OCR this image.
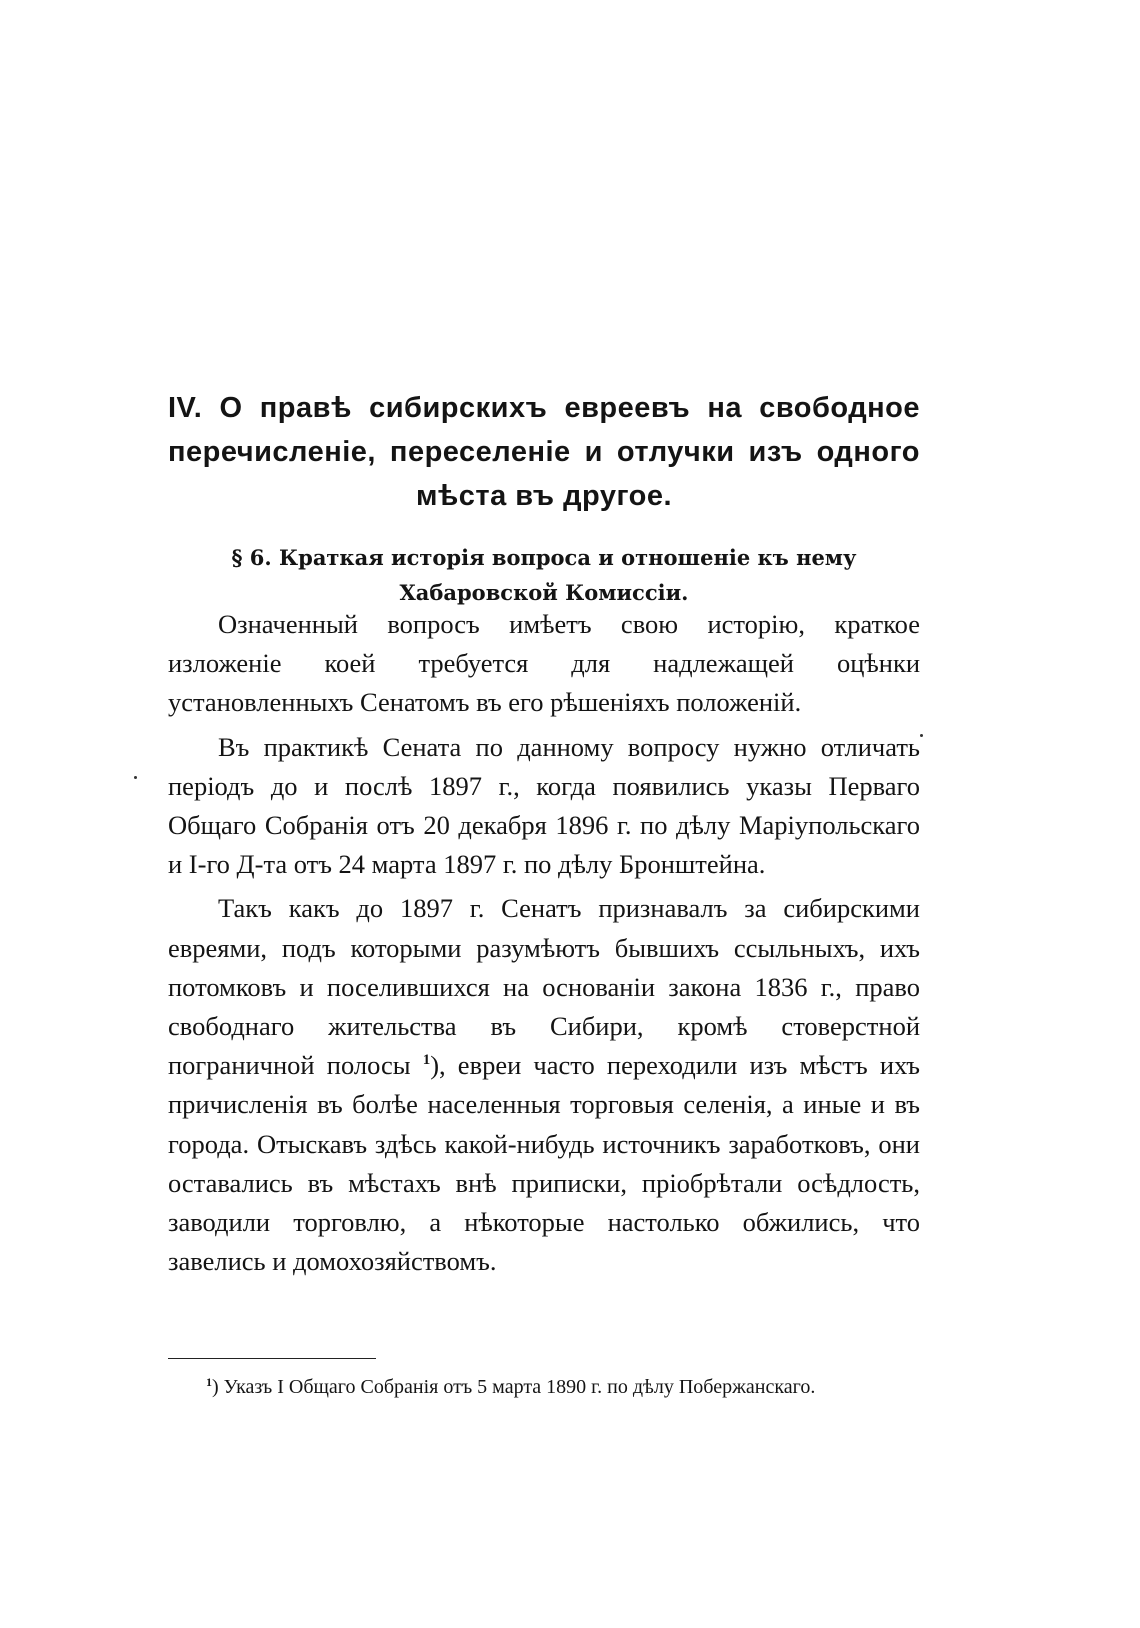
IV. О правѣ сибирскихъ евреевъ на свободное перечисленіе, переселеніе и отлучки изъ одного мѣста въ другое.
§ 6. Краткая исторія вопроса и отношеніе къ нему Хабаровской Комиссіи.

Означенный вопросъ имѣетъ свою исторію, краткое изложеніе коей требуется для надлежащей оцѣнки установленныхъ Сенатомъ въ его рѣшеніяхъ положеній.

Въ практикѣ Сената по данному вопросу нужно отличать періодъ до и послѣ 1897 г., когда появились указы Перваго Общаго Собранія отъ 20 декабря 1896 г. по дѣлу Маріупольскаго и I-го Д-та отъ 24 марта 1897 г. по дѣлу Бронштейна.

Такъ какъ до 1897 г. Сенатъ признавалъ за сибирскими евреями, подъ которыми разумѣютъ бывшихъ ссыльныхъ, ихъ потомковъ и поселившихся на основаніи закона 1836 г., право свободнаго жительства въ Сибири, кромѣ стоверстной пограничной полосы $^1$), евреи часто переходили изъ мѣстъ ихъ причисленія въ болѣе населенныя торговыя селенія, а иные и въ города. Отыскавъ здѣсь какой-нибудь источникъ заработковъ, они оставались въ мѣстахъ внѣ приписки, пріобрѣтали осѣдлость, заводили торговлю, а нѣкоторые настолько обжились, что завелись и домохозяйствомъ.

$^1$) Указъ I Общаго Собранія отъ 5 марта 1890 г. по дѣлу Побержанскаго.
